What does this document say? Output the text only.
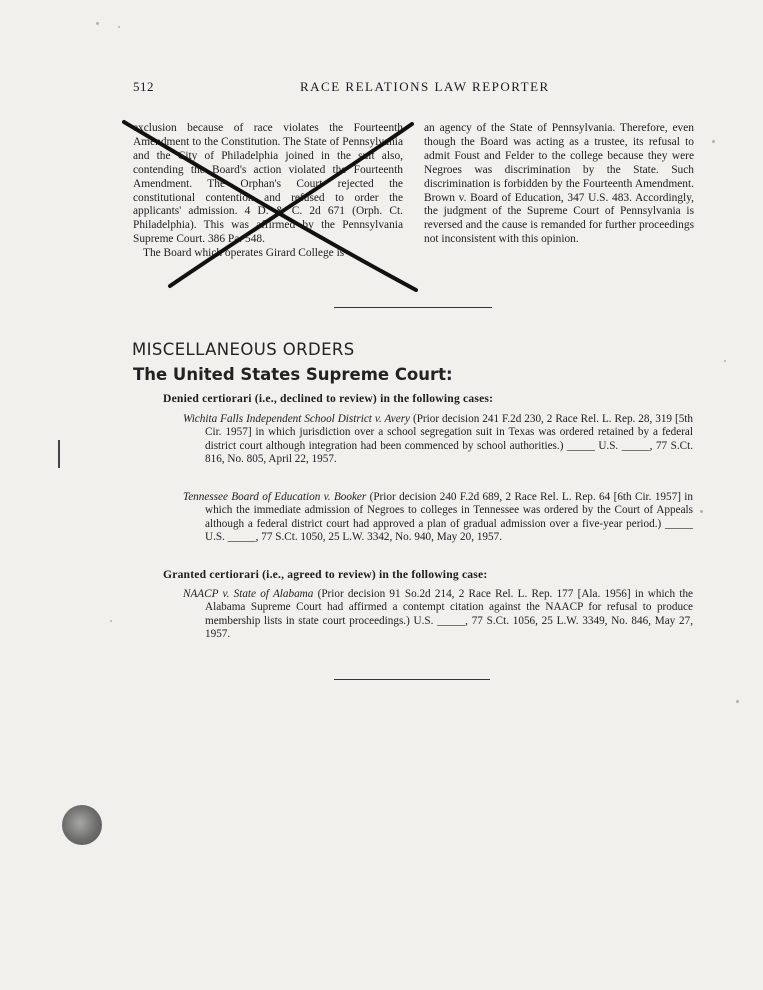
512	RACE RELATIONS LAW REPORTER

exclusion because of race violates the Fourteenth Amendment to the Constitution. The State of Pennsylvania and the City of Philadelphia joined in the suit also, contending the Board's action violated the Fourteenth Amendment. The Orphan's Court rejected the constitutional contention and refused to order the applicants' admission. 4 D. & C. 2d 671 (Orph. Ct. Philadelphia). This was affirmed by the Pennsylvania Supreme Court. 386 Pa. 548.

The Board which operates Girard College is

an agency of the State of Pennsylvania. Therefore, even though the Board was acting as a trustee, its refusal to admit Foust and Felder to the college because they were Negroes was discrimination by the State. Such discrimination is forbidden by the Fourteenth Amendment. Brown v. Board of Education, 347 U.S. 483. Accordingly, the judgment of the Supreme Court of Pennsylvania is reversed and the cause is remanded for further proceedings not inconsistent with this opinion.

MISCELLANEOUS ORDERS
The United States Supreme Court:
Denied certiorari (i.e., declined to review) in the following cases:

Wichita Falls Independent School District v. Avery (Prior decision 241 F.2d 230, 2 Race Rel. L. Rep. 28, 319 [5th Cir. 1957] in which jurisdiction over a school segregation suit in Texas was ordered retained by a federal district court although integration had been commenced by school authorities.) _____ U.S. _____, 77 S.Ct. 816, No. 805, April 22, 1957.

Tennessee Board of Education v. Booker (Prior decision 240 F.2d 689, 2 Race Rel. L. Rep. 64 [6th Cir. 1957] in which the immediate admission of Negroes to colleges in Tennessee was ordered by the Court of Appeals although a federal district court had approved a plan of gradual admission over a five-year period.) _____ U.S. _____, 77 S.Ct. 1050, 25 L.W. 3342, No. 940, May 20, 1957.

Granted certiorari (i.e., agreed to review) in the following case:

NAACP v. State of Alabama (Prior decision 91 So.2d 214, 2 Race Rel. L. Rep. 177 [Ala. 1956] in which the Alabama Supreme Court had affirmed a contempt citation against the NAACP for refusal to produce membership lists in state court proceedings.) U.S. _____, 77 S.Ct. 1056, 25 L.W. 3349, No. 846, May 27, 1957.
